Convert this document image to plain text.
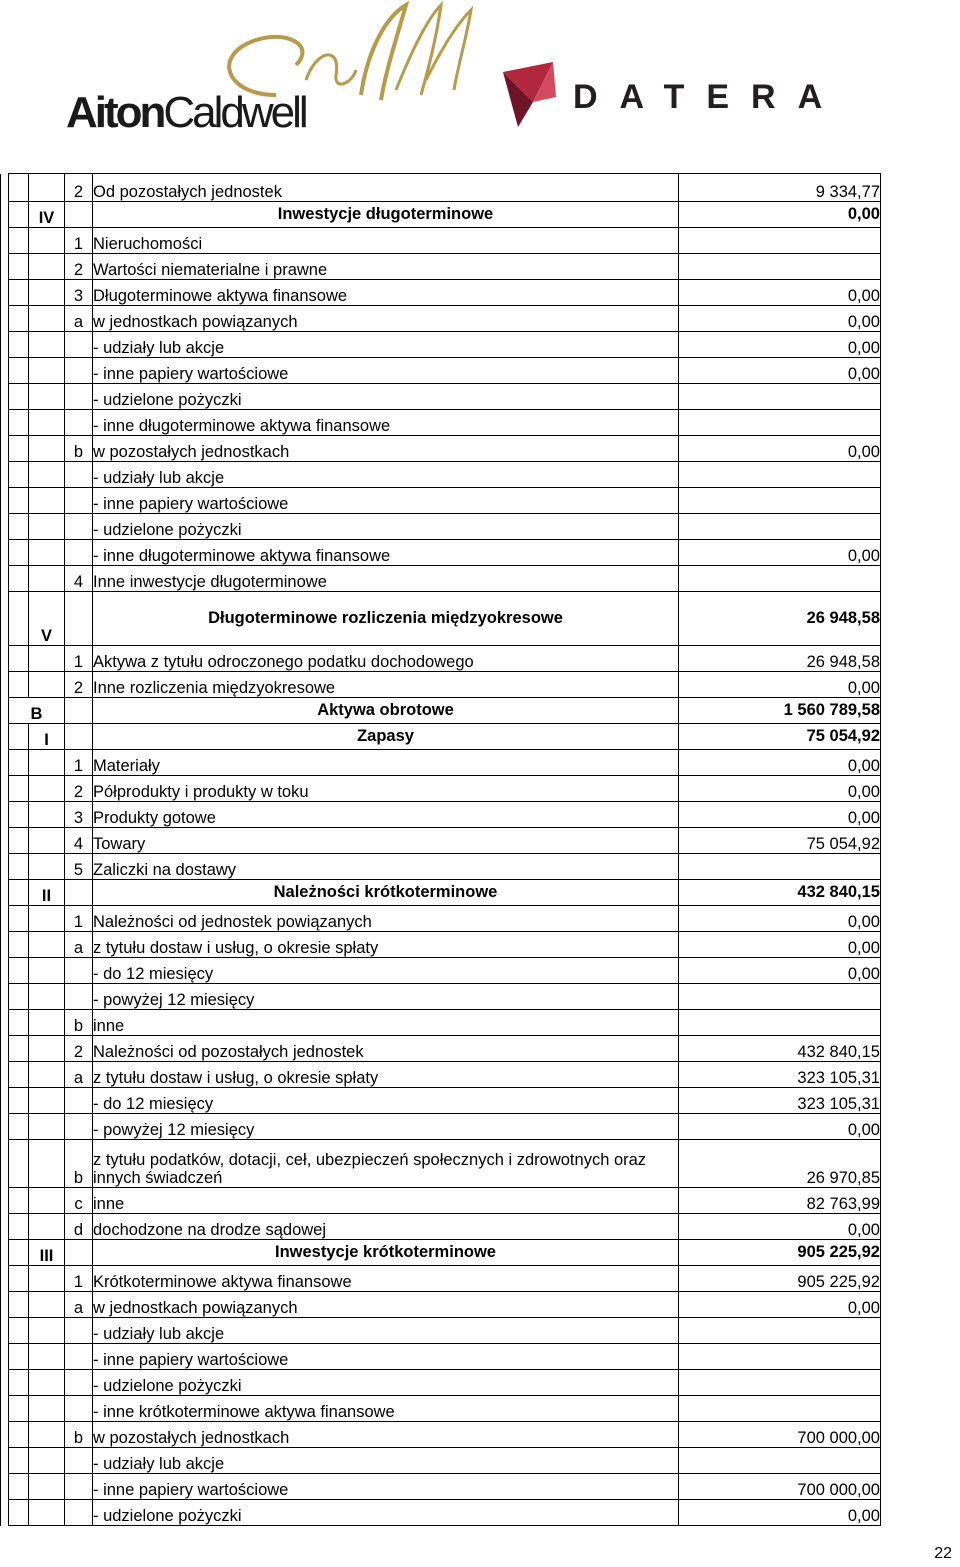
AitonCaldwell	DATERA
			2	Od pozostałych jednostek	9 334,77
		IV		Inwestycje długoterminowe	0,00
			1	Nieruchomości	
			2	Wartości niematerialne i prawne	
			3	Długoterminowe aktywa finansowe	0,00
			a	w jednostkach powiązanych	0,00
				- udziały lub akcje	0,00
				- inne papiery wartościowe	0,00
				- udzielone pożyczki	
				- inne długoterminowe aktywa finansowe	
			b	w pozostałych jednostkach	0,00
				- udziały lub akcje	
				- inne papiery wartościowe	
				- udzielone pożyczki	
				- inne długoterminowe aktywa finansowe	0,00
			4	Inne inwestycje długoterminowe	
		V		Długoterminowe rozliczenia międzyokresowe	26 948,58
			1	Aktywa z tytułu odroczonego podatku dochodowego	26 948,58
			2	Inne rozliczenia międzyokresowe	0,00
	B			Aktywa obrotowe	1 560 789,58
		I		Zapasy	75 054,92
			1	Materiały	0,00
			2	Półprodukty i produkty w toku	0,00
			3	Produkty gotowe	0,00
			4	Towary	75 054,92
			5	Zaliczki na dostawy	
		II		Należności krótkoterminowe	432 840,15
			1	Należności od jednostek powiązanych	0,00
			a	z tytułu dostaw i usług, o okresie spłaty	0,00
				- do 12 miesięcy	0,00
				- powyżej 12 miesięcy	
			b	inne	
			2	Należności od pozostałych jednostek	432 840,15
			a	z tytułu dostaw i usług, o okresie spłaty	323 105,31
				- do 12 miesięcy	323 105,31
				- powyżej 12 miesięcy	0,00
			b	z tytułu podatków, dotacji, ceł, ubezpieczeń społecznych i zdrowotnych oraz innych świadczeń	26 970,85
			c	inne	82 763,99
			d	dochodzone na drodze sądowej	0,00
		III		Inwestycje krótkoterminowe	905 225,92
			1	Krótkoterminowe aktywa finansowe	905 225,92
			a	w jednostkach powiązanych	0,00
				- udziały lub akcje	
				- inne papiery wartościowe	
				- udzielone pożyczki	
				- inne krótkoterminowe aktywa finansowe	
			b	w pozostałych jednostkach	700 000,00
				- udziały lub akcje	
				- inne papiery wartościowe	700 000,00
				- udzielone pożyczki	0,00
22
